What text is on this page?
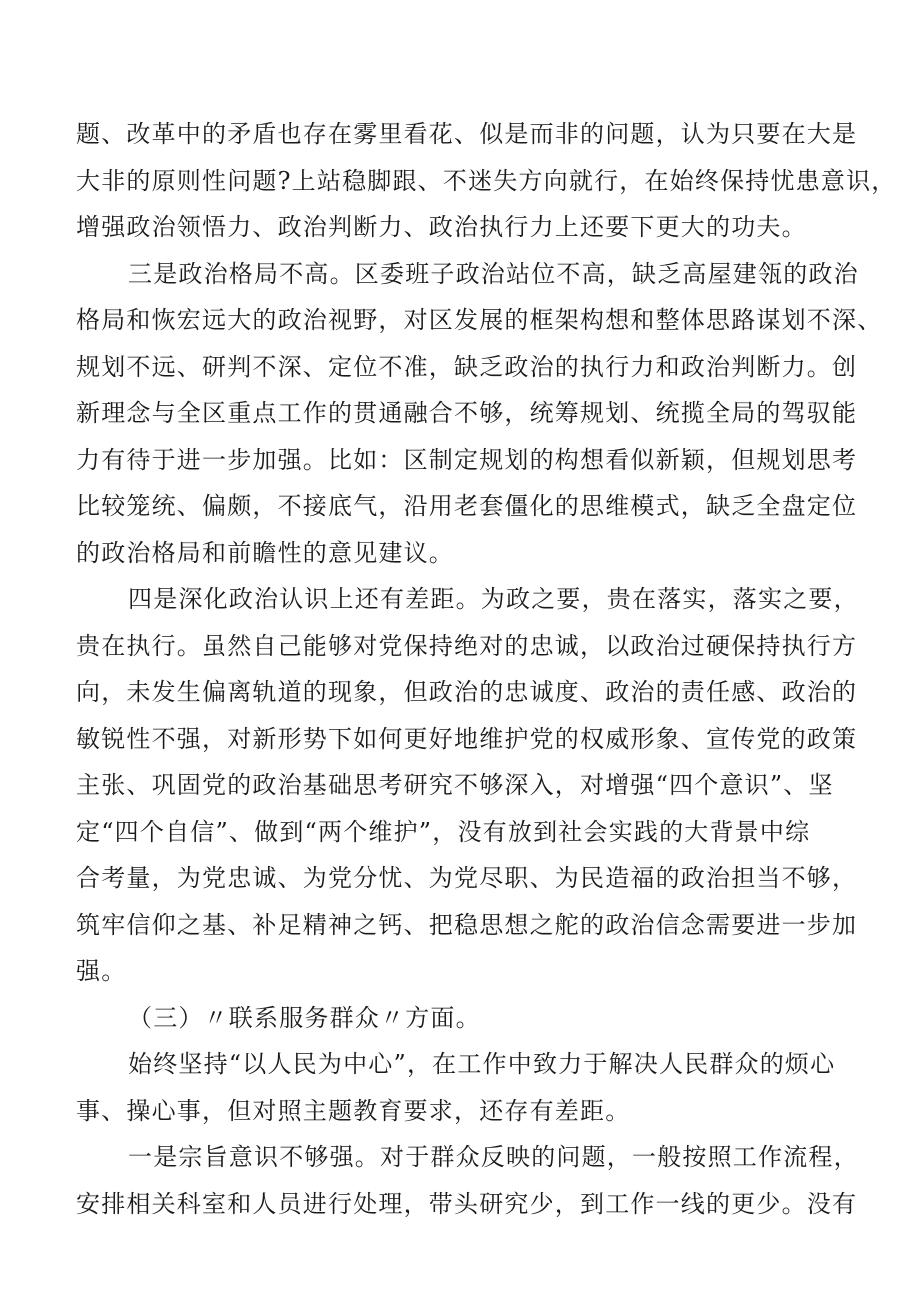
题、改革中的矛盾也存在雾里看花、似是而非的问题，认为只要在大是
大非的原则性问题?上站稳脚跟、不迷失方向就行，在始终保持忧患意识，
增强政治领悟力、政治判断力、政治执行力上还要下更大的功夫。
三是政治格局不高。区委班子政治站位不高，缺乏高屋建瓴的政治
格局和恢宏远大的政治视野，对区发展的框架构想和整体思路谋划不深、
规划不远、研判不深、定位不准，缺乏政治的执行力和政治判断力。创
新理念与全区重点工作的贯通融合不够，统筹规划、统揽全局的驾驭能
力有待于进一步加强。比如：区制定规划的构想看似新颖，但规划思考
比较笼统、偏颇，不接底气，沿用老套僵化的思维模式，缺乏全盘定位
的政治格局和前瞻性的意见建议。
四是深化政治认识上还有差距。为政之要，贵在落实，落实之要，
贵在执行。虽然自己能够对党保持绝对的忠诚，以政治过硬保持执行方
向，未发生偏离轨道的现象，但政治的忠诚度、政治的责任感、政治的
敏锐性不强，对新形势下如何更好地维护党的权威形象、宣传党的政策
主张、巩固党的政治基础思考研究不够深入，对增强“四个意识”、坚
定“四个自信”、做到“两个维护”，没有放到社会实践的大背景中综
合考量，为党忠诚、为党分忧、为党尽职、为民造福的政治担当不够，
筑牢信仰之基、补足精神之钙、把稳思想之舵的政治信念需要进一步加
强。
（三）〃联系服务群众〃方面。
始终坚持“以人民为中心”，在工作中致力于解决人民群众的烦心
事、操心事，但对照主题教育要求，还存有差距。
一是宗旨意识不够强。对于群众反映的问题，一般按照工作流程，
安排相关科室和人员进行处理，带头研究少，到工作一线的更少。没有
